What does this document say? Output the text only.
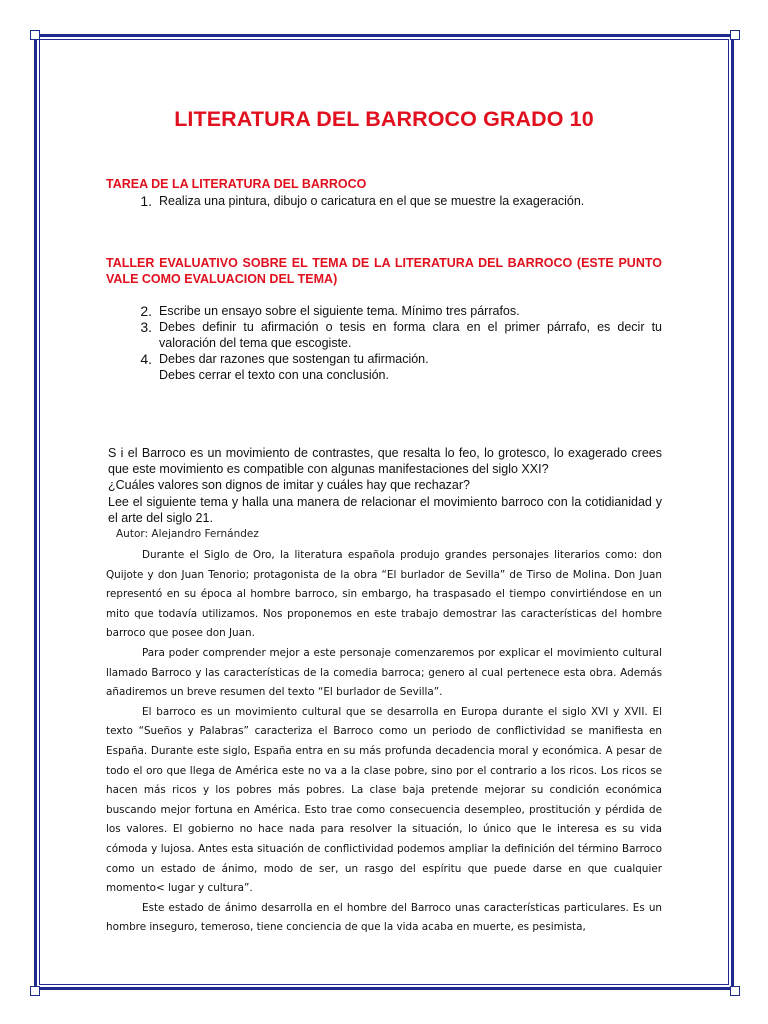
LITERATURA DEL BARROCO GRADO 10
TAREA DE LA LITERATURA DEL BARROCO
1. Realiza una pintura, dibujo o caricatura en el que se muestre la exageración.
TALLER EVALUATIVO SOBRE EL TEMA DE LA LITERATURA DEL BARROCO (ESTE PUNTO VALE COMO EVALUACION DEL TEMA)
2. Escribe un ensayo sobre el siguiente tema. Mínimo tres párrafos.
3. Debes definir tu afirmación o tesis en forma clara en el primer párrafo, es decir tu valoración del tema que escogiste.
4. Debes dar razones que sostengan tu afirmación.
Debes cerrar el texto con una conclusión.

S i el Barroco es un movimiento de contrastes, que resalta lo feo, lo grotesco, lo exagerado crees que este movimiento es compatible con algunas manifestaciones del siglo XXI?

¿Cuáles valores son dignos de imitar y cuáles hay que rechazar?

Lee el siguiente tema y halla una manera de relacionar el movimiento barroco con la cotidianidad y el arte del siglo 21.

Autor: Alejandro Fernández

Durante el Siglo de Oro, la literatura española produjo grandes personajes literarios como: don Quijote y don Juan Tenorio; protagonista de la obra “El burlador de Sevilla” de Tirso de Molina. Don Juan representó en su época al hombre barroco, sin embargo, ha traspasado el tiempo convirtiéndose en un mito que todavía utilizamos. Nos proponemos en este trabajo demostrar las características del hombre barroco que posee don Juan.

Para poder comprender mejor a este personaje comenzaremos por explicar el movimiento cultural llamado Barroco y las características de la comedia barroca; genero al cual pertenece esta obra. Además añadiremos un breve resumen del texto “El burlador de Sevilla”.

El barroco es un movimiento cultural que se desarrolla en Europa durante el siglo XVI y XVII. El texto “Sueños y Palabras” caracteriza el Barroco como un periodo de conflictividad se manifiesta en España. Durante este siglo, España entra en su más profunda decadencia moral y económica. A pesar de todo el oro que llega de América este no va a la clase pobre, sino por el contrario a los ricos. Los ricos se hacen más ricos y los pobres más pobres. La clase baja pretende mejorar su condición económica buscando mejor fortuna en América. Esto trae como consecuencia desempleo, prostitución y pérdida de los valores. El gobierno no hace nada para resolver la situación, lo único que le interesa es su vida cómoda y lujosa. Antes esta situación de conflictividad podemos ampliar la definición del término Barroco como un estado de ánimo, modo de ser, un rasgo del espíritu que puede darse en que cualquier momento< lugar y cultura”.

Este estado de ánimo desarrolla en el hombre del Barroco unas características particulares. Es un hombre inseguro, temeroso, tiene conciencia de que la vida acaba en muerte, es pesimista,
